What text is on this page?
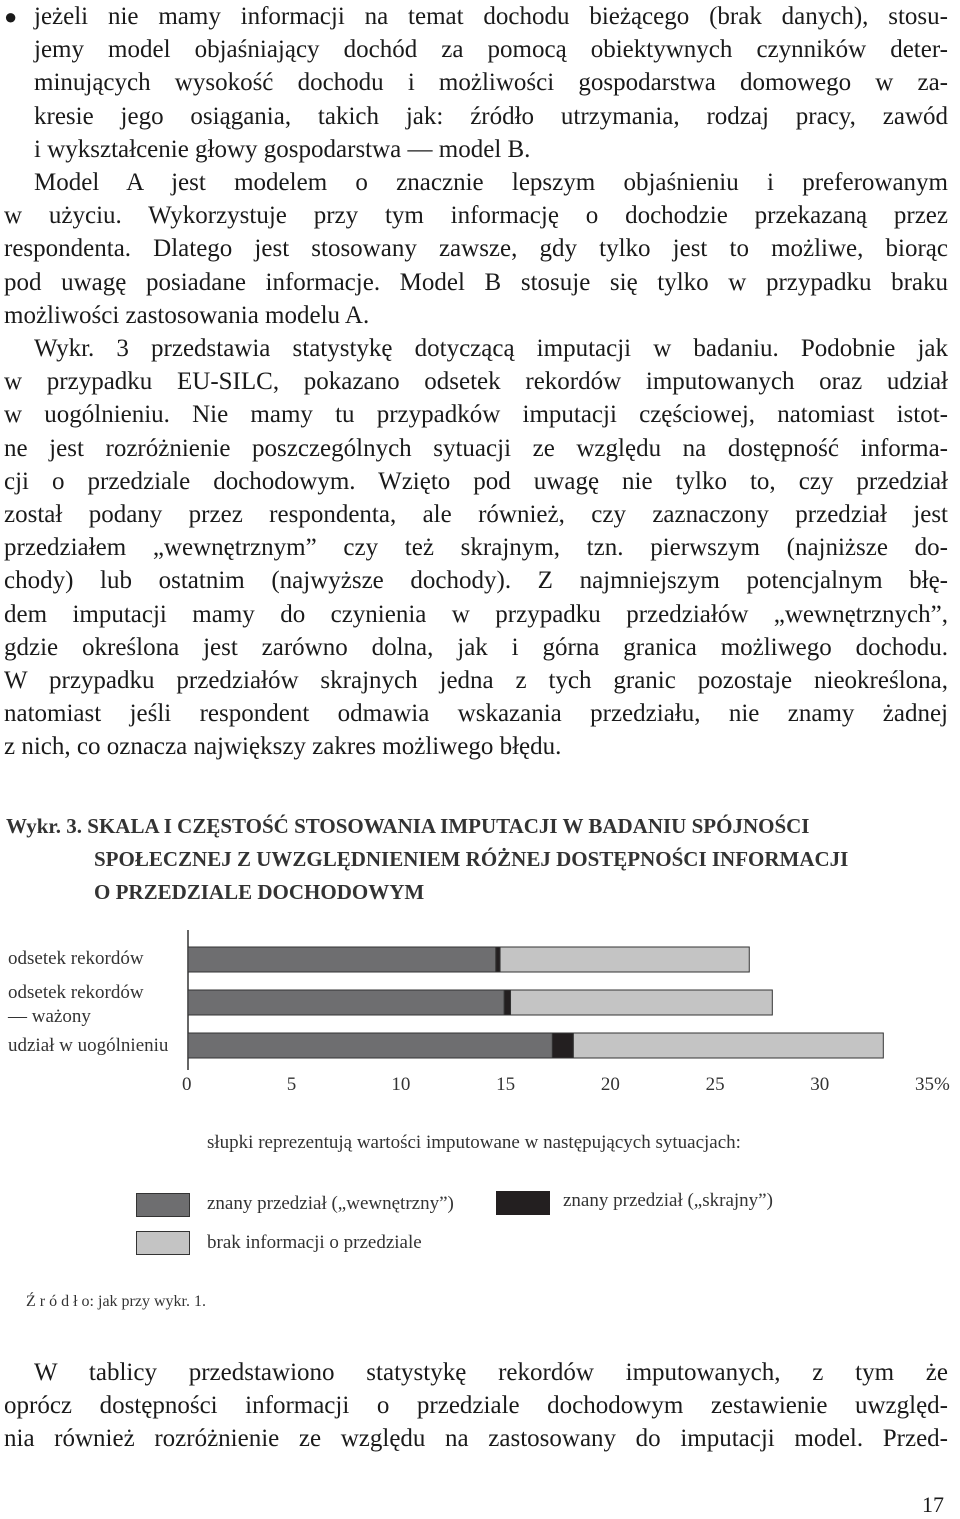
● jeżeli nie mamy informacji na temat dochodu bieżącego (brak danych), stosu-
jemy model objaśniający dochód za pomocą obiektywnych czynników deter-
minujących wysokość dochodu i możliwości gospodarstwa domowego w za-
kresie jego osiągania, takich jak: źródło utrzymania, rodzaj pracy, zawód
i wykształcenie głowy gospodarstwa — model B.
Model A jest modelem o znacznie lepszym objaśnieniu i preferowanym
w użyciu. Wykorzystuje przy tym informację o dochodzie przekazaną przez
respondenta. Dlatego jest stosowany zawsze, gdy tylko jest to możliwe, biorąc
pod uwagę posiadane informacje. Model B stosuje się tylko w przypadku braku
możliwości zastosowania modelu A.
Wykr. 3 przedstawia statystykę dotyczącą imputacji w badaniu. Podobnie jak
w przypadku EU-SILC, pokazano odsetek rekordów imputowanych oraz udział
w uogólnieniu. Nie mamy tu przypadków imputacji częściowej, natomiast istot-
ne jest rozróżnienie poszczególnych sytuacji ze względu na dostępność informa-
cji o przedziale dochodowym. Wzięto pod uwagę nie tylko to, czy przedział
został podany przez respondenta, ale również, czy zaznaczony przedział jest
przedziałem „wewnętrznym” czy też skrajnym, tzn. pierwszym (najniższe do-
chody) lub ostatnim (najwyższe dochody). Z najmniejszym potencjalnym błę-
dem imputacji mamy do czynienia w przypadku przedziałów „wewnętrznych”,
gdzie określona jest zarówno dolna, jak i górna granica możliwego dochodu.
W przypadku przedziałów skrajnych jedna z tych granic pozostaje nieokreślona,
natomiast jeśli respondent odmawia wskazania przedziału, nie znamy żadnej
z nich, co oznacza największy zakres możliwego błędu.
Wykr. 3. SKALA I CZĘSTOŚĆ STOSOWANIA IMPUTACJI W BADANIU SPÓJNOŚCI
SPOŁECZNEJ Z UWZGLĘDNIENIEM RÓŻNEJ DOSTĘPNOŚCI INFORMACJI
O PRZEDZIALE DOCHODOWYM
odsetek rekordów
odsetek rekordów
— ważony
udział w uogólnieniu
0	5	10	15	20	25	30	35%
słupki reprezentują wartości imputowane w następujących sytuacjach:
znany przedział („wewnętrzny”)	znany przedział („skrajny”)
brak informacji o przedziale
Ź r ó d ł o: jak przy wykr. 1.
W tablicy przedstawiono statystykę rekordów imputowanych, z tym że
oprócz dostępności informacji o przedziale dochodowym zestawienie uwzględ-
nia również rozróżnienie ze względu na zastosowany do imputacji model. Przed-
17
